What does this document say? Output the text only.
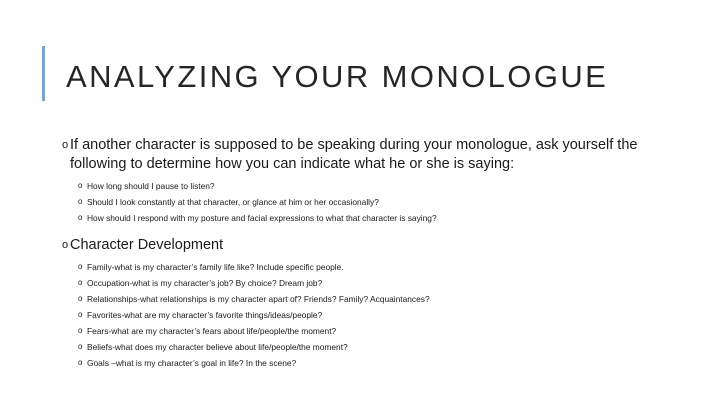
ANALYZING YOUR MONOLOGUE
o If another character is supposed to be speaking during your monologue, ask yourself the following to determine how you can indicate what he or she is saying:
o How long should I pause to listen?
o Should I look constantly at that character, or glance at him or her occasionally?
o How should I respond with my posture and facial expressions to what that character is saying?
o Character Development
o Family-what is my character’s family life like? Include specific people.
o Occupation-what is my character’s job? By choice? Dream job?
o Relationships-what relationships is my character apart of? Friends? Family? Acquaintances?
o Favorites-what are my character’s favorite things/ideas/people?
o Fears-what are my character’s fears about life/people/the moment?
o Beliefs-what does my character believe about life/people/the moment?
o Goals –what is my character’s goal in life? In the scene?
